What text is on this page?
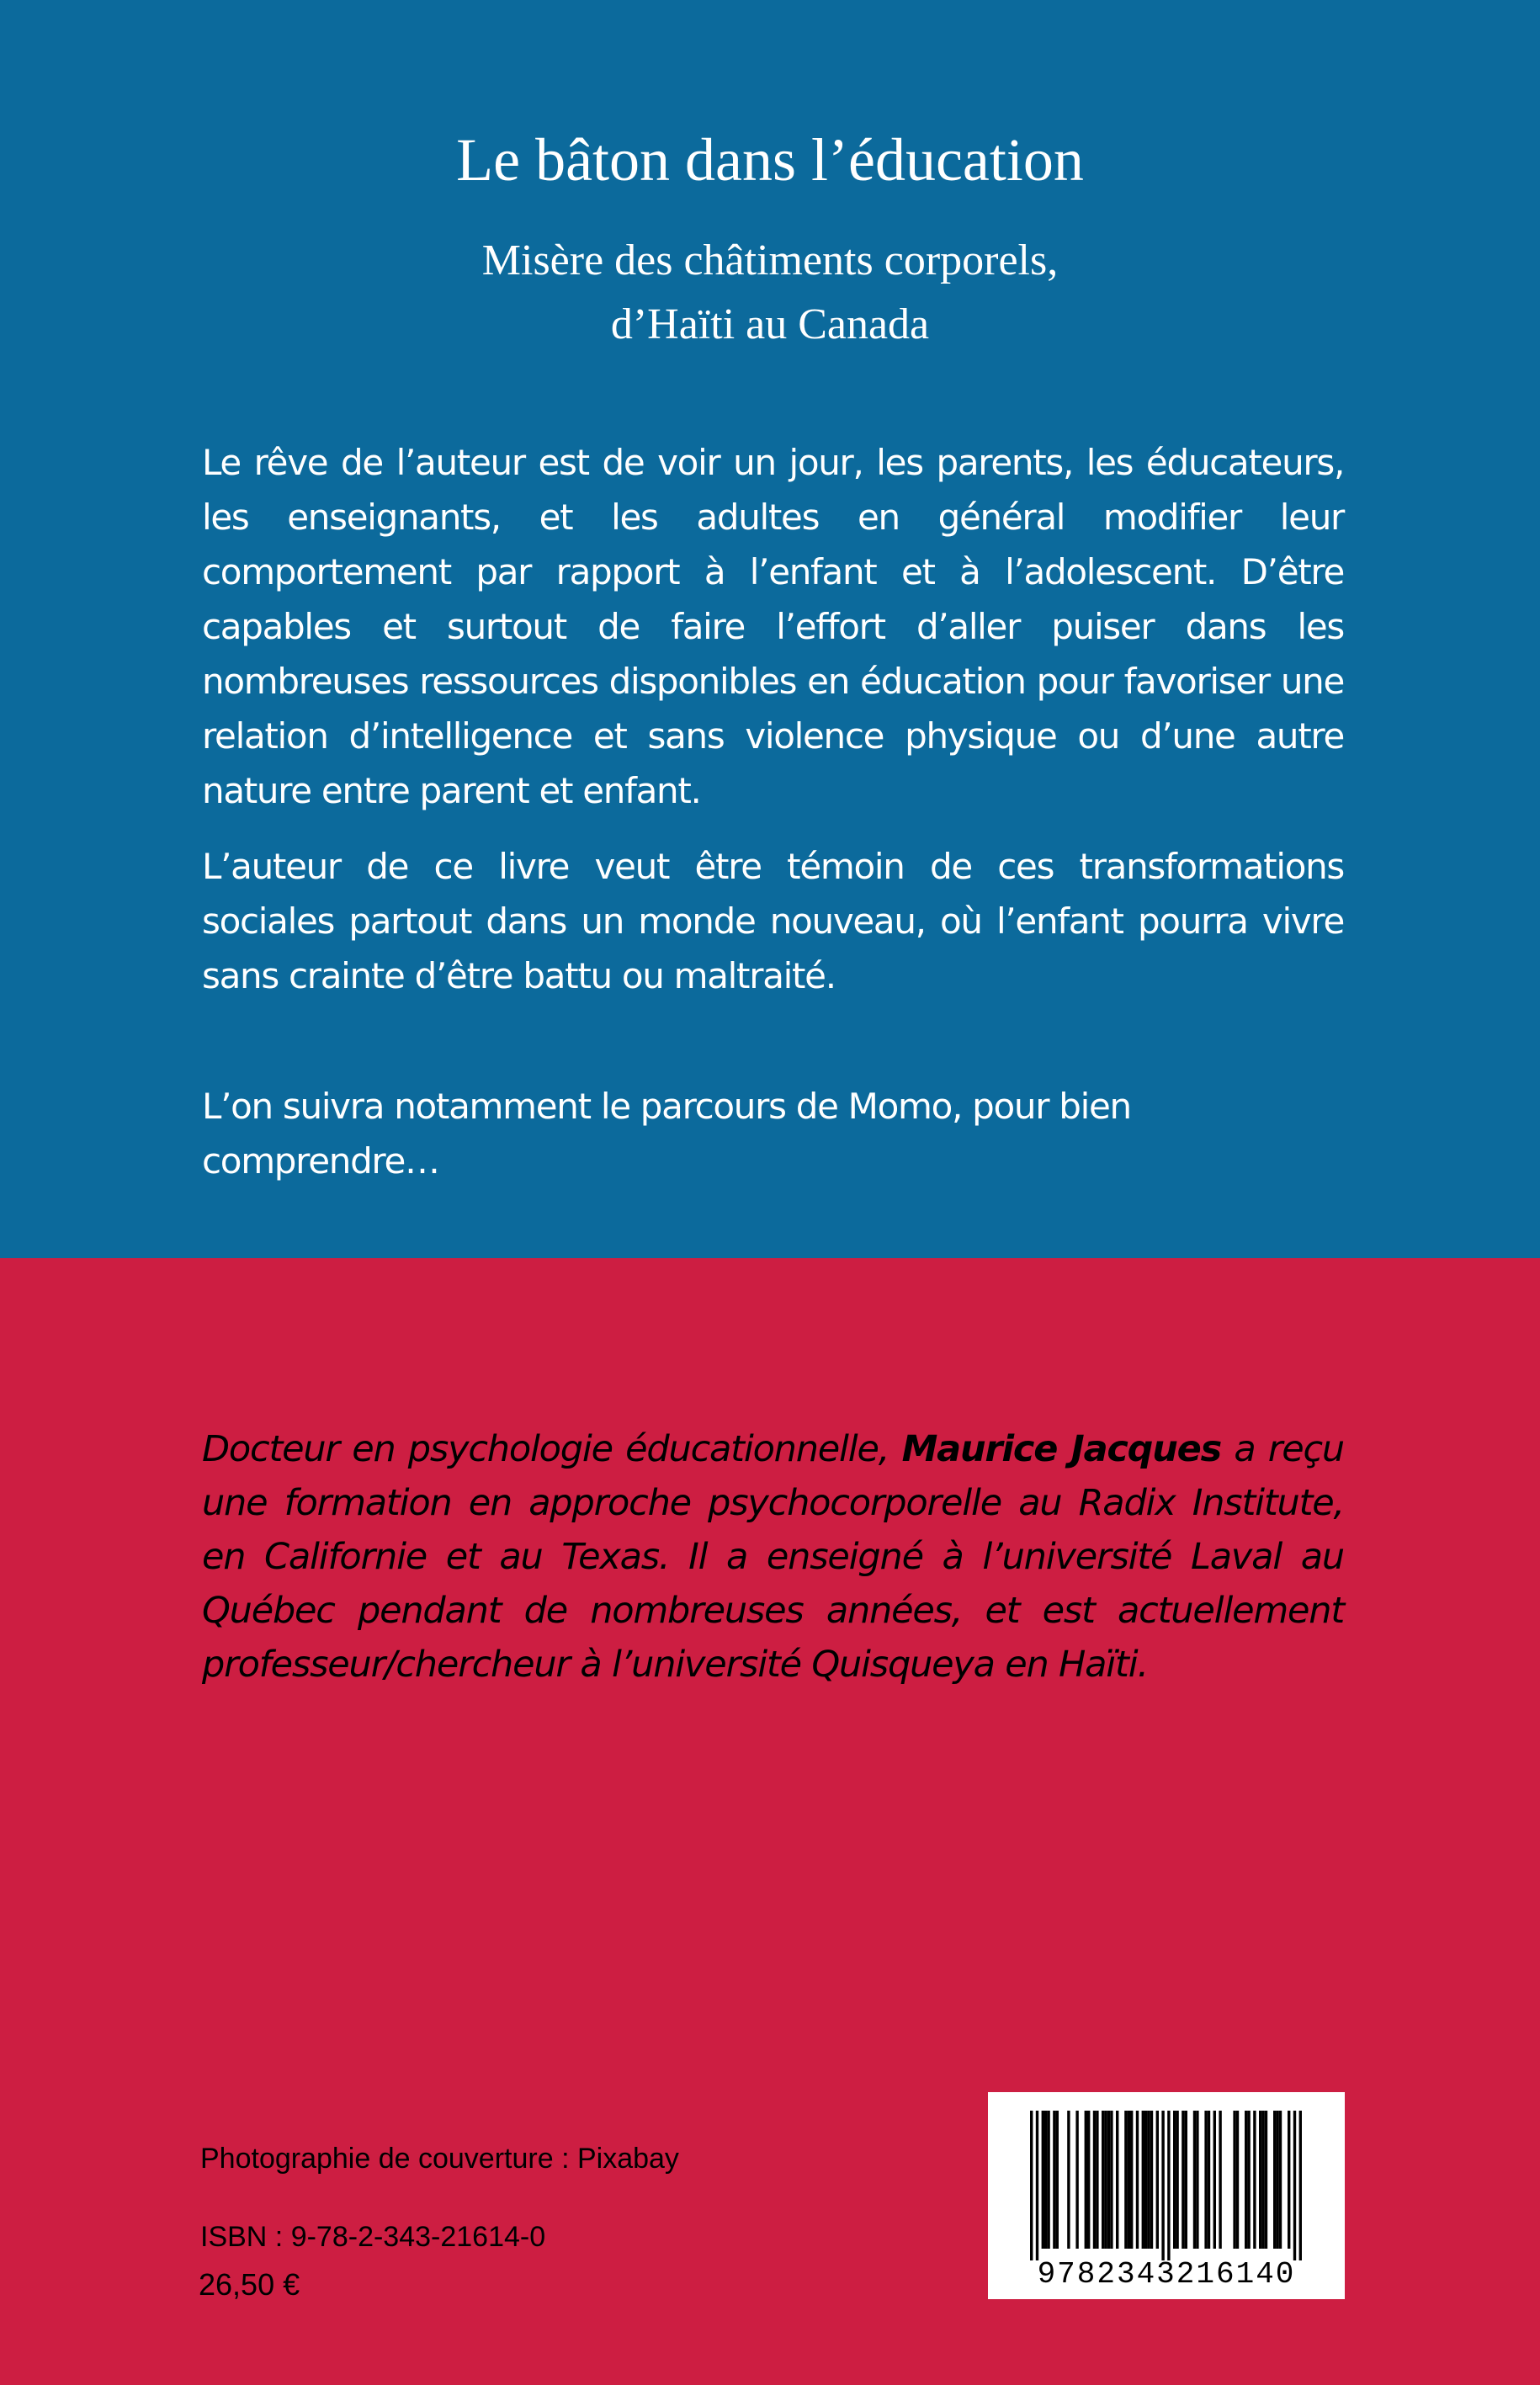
Le bâton dans l’éducation
Misère des châtiments corporels,
d’Haïti au Canada

Le rêve de l’auteur est de voir un jour, les parents, les éducateurs, les enseignants, et les adultes en général modifier leur comportement par rapport à l’enfant et à l’adolescent. D’être capables et surtout de faire l’effort d’aller puiser dans les nombreuses ressources disponibles en éducation pour favoriser une relation d’intelligence et sans violence physique ou d’une autre nature entre parent et enfant.

L’auteur de ce livre veut être témoin de ces transformations sociales partout dans un monde nouveau, où l’enfant pourra vivre sans crainte d’être battu ou maltraité.

L’on suivra notamment le parcours de Momo, pour bien comprendre…

Docteur en psychologie éducationnelle, Maurice Jacques a reçu une formation en approche psychocorporelle au Radix Institute, en Californie et au Texas. Il a enseigné à l’université Laval au Québec pendant de nombreuses années, et est actuellement professeur/chercheur à l’université Quisqueya en Haïti.

Photographie de couverture : Pixabay
ISBN : 9-78-2-343-21614-0
26,50 €	9782343216140
